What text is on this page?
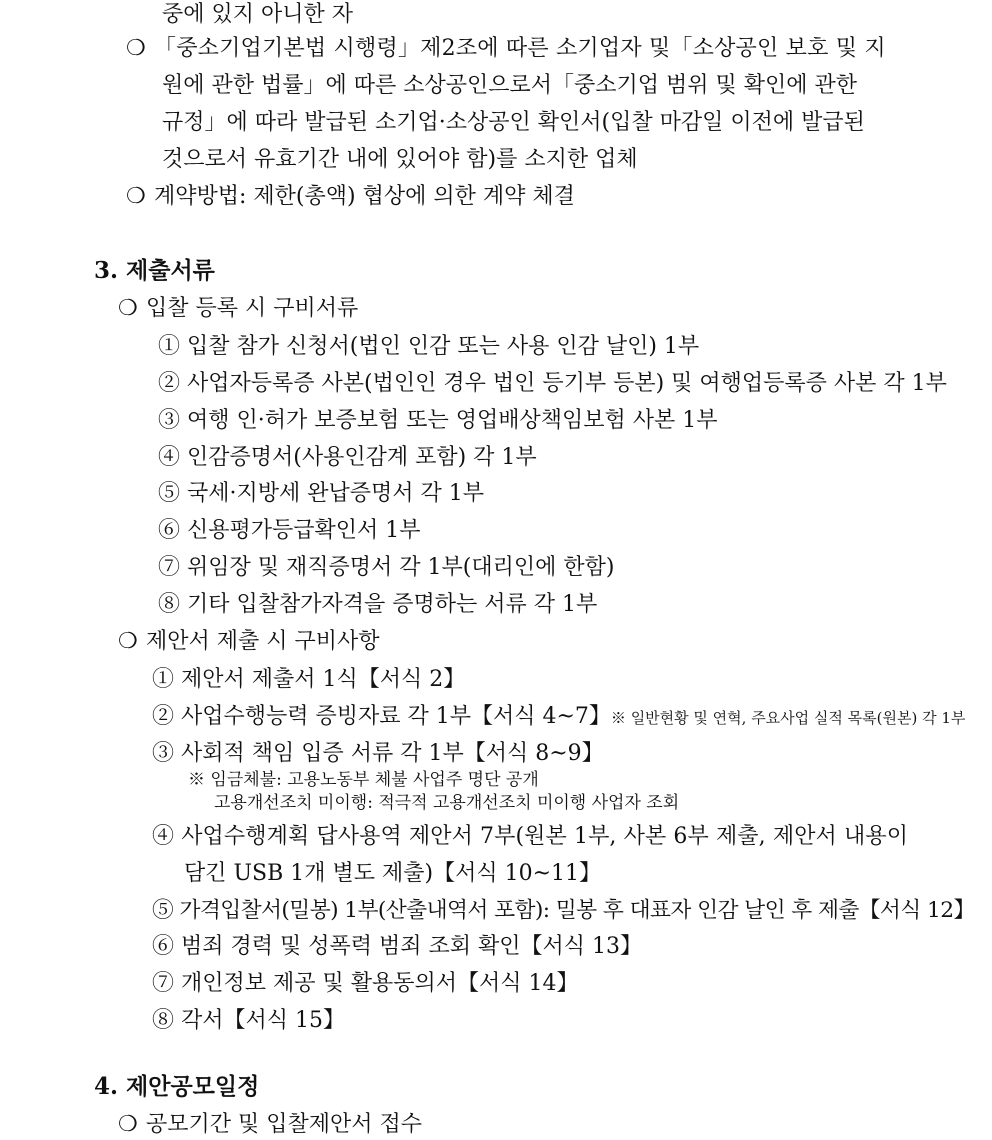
중에 있지 아니한 자
❍ 「중소기업기본법 시행령」제2조에 따른 소기업자 및「소상공인 보호 및 지
원에 관한 법률」에 따른 소상공인으로서「중소기업 범위 및 확인에 관한
규정」에 따라 발급된 소기업·소상공인 확인서(입찰 마감일 이전에 발급된
것으로서 유효기간 내에 있어야 함)를 소지한 업체
❍ 계약방법: 제한(총액) 협상에 의한 계약 체결
3. 제출서류
❍ 입찰 등록 시 구비서류
① 입찰 참가 신청서(법인 인감 또는 사용 인감 날인) 1부
② 사업자등록증 사본(법인인 경우 법인 등기부 등본) 및 여행업등록증 사본 각 1부
③ 여행 인·허가 보증보험 또는 영업배상책임보험 사본 1부
④ 인감증명서(사용인감계 포함) 각 1부
⑤ 국세·지방세 완납증명서 각 1부
⑥ 신용평가등급확인서 1부
⑦ 위임장 및 재직증명서 각 1부(대리인에 한함)
⑧ 기타 입찰참가자격을 증명하는 서류 각 1부
❍ 제안서 제출 시 구비사항
① 제안서 제출서 1식【서식 2】
② 사업수행능력 증빙자료 각 1부【서식 4~7】※ 일반현황 및 연혁, 주요사업 실적 목록(원본) 각 1부
③ 사회적 책임 입증 서류 각 1부【서식 8~9】
※ 임금체불: 고용노동부 체불 사업주 명단 공개
고용개선조치 미이행: 적극적 고용개선조치 미이행 사업자 조회
④ 사업수행계획 답사용역 제안서 7부(원본 1부, 사본 6부 제출, 제안서 내용이
담긴 USB 1개 별도 제출)【서식 10~11】
⑤ 가격입찰서(밀봉) 1부(산출내역서 포함): 밀봉 후 대표자 인감 날인 후 제출【서식 12】
⑥ 범죄 경력 및 성폭력 범죄 조회 확인【서식 13】
⑦ 개인정보 제공 및 활용동의서【서식 14】
⑧ 각서【서식 15】
4. 제안공모일정
❍ 공모기간 및 입찰제안서 접수
